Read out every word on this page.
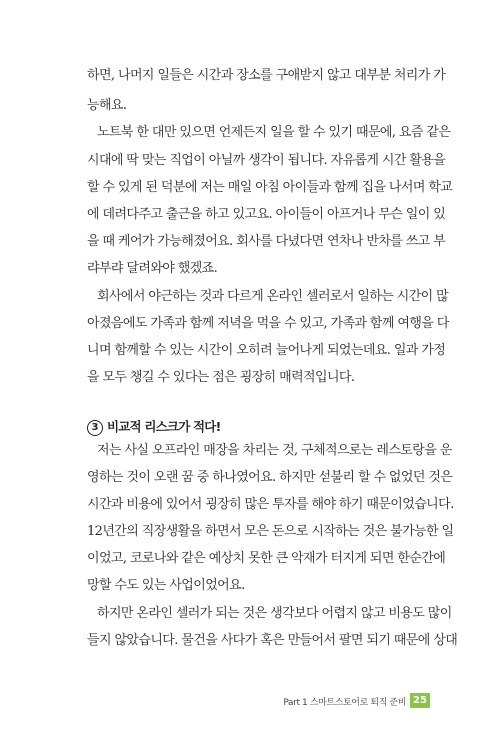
하면, 나머지 일들은 시간과 장소를 구애받지 않고 대부분 처리가 가
능해요.
노트북 한 대만 있으면 언제든지 일을 할 수 있기 때문에, 요즘 같은
시대에 딱 맞는 직업이 아닐까 생각이 됩니다. 자유롭게 시간 활용을
할 수 있게 된 덕분에 저는 매일 아침 아이들과 함께 집을 나서며 학교
에 데려다주고 출근을 하고 있고요. 아이들이 아프거나 무슨 일이 있
을 때 케어가 가능해졌어요. 회사를 다녔다면 연차나 반차를 쓰고 부
랴부랴 달려와야 했겠죠.
회사에서 야근하는 것과 다르게 온라인 셀러로서 일하는 시간이 많
아졌음에도 가족과 함께 저녁을 먹을 수 있고, 가족과 함께 여행을 다
니며 함께할 수 있는 시간이 오히려 늘어나게 되었는데요. 일과 가정
을 모두 챙길 수 있다는 점은 굉장히 매력적입니다.
3 비교적 리스크가 적다!
저는 사실 오프라인 매장을 차리는 것, 구체적으로는 레스토랑을 운
영하는 것이 오랜 꿈 중 하나였어요. 하지만 섣불리 할 수 없었던 것은
시간과 비용에 있어서 굉장히 많은 투자를 해야 하기 때문이었습니다.
12년간의 직장생활을 하면서 모은 돈으로 시작하는 것은 불가능한 일
이었고, 코로나와 같은 예상치 못한 큰 악재가 터지게 되면 한순간에
망할 수도 있는 사업이었어요.
하지만 온라인 셀러가 되는 것은 생각보다 어렵지 않고 비용도 많이
들지 않았습니다. 물건을 사다가 혹은 만들어서 팔면 되기 때문에 상대
Part 1 스마트스토어로 퇴직 준비 25
